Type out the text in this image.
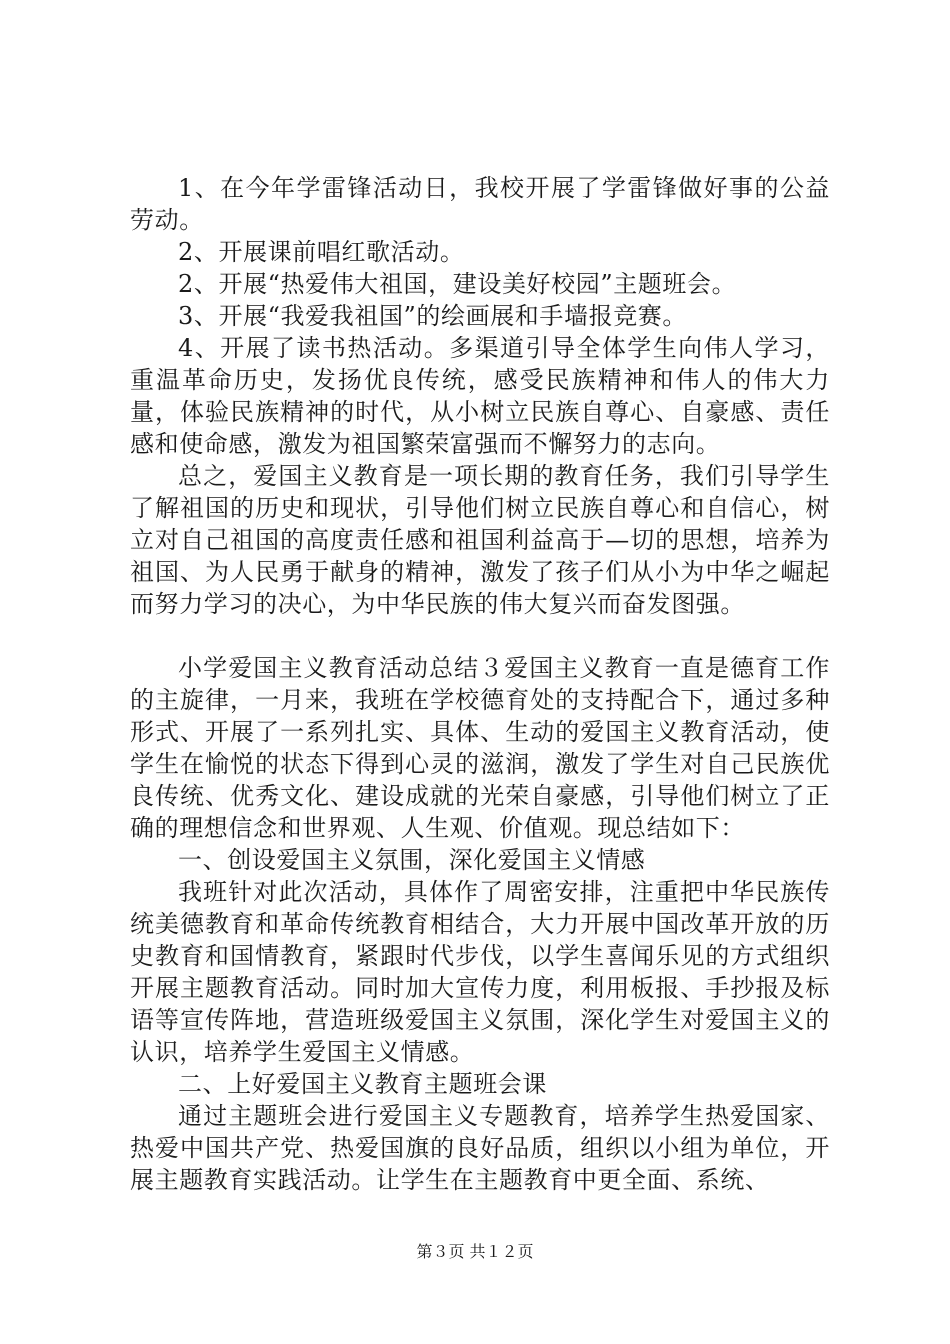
1、在今年学雷锋活动日，我校开展了学雷锋做好事的公益劳动。

2、开展课前唱红歌活动。

2、开展“热爱伟大祖国，建设美好校园”主题班会。

3、开展“我爱我祖国”的绘画展和手墙报竞赛。

4、开展了读书热活动。多渠道引导全体学生向伟人学习，重温革命历史，发扬优良传统，感受民族精神和伟人的伟大力量，体验民族精神的时代，从小树立民族自尊心、自豪感、责任感和使命感，激发为祖国繁荣富强而不懈努力的志向。

总之，爱国主义教育是一项长期的教育任务，我们引导学生了解祖国的历史和现状，引导他们树立民族自尊心和自信心，树立对自己祖国的高度责任感和祖国利益高于—切的思想，培养为祖国、为人民勇于献身的精神，激发了孩子们从小为中华之崛起而努力学习的决心，为中华民族的伟大复兴而奋发图强。

小学爱国主义教育活动总结３爱国主义教育一直是德育工作的主旋律，一月来，我班在学校德育处的支持配合下，通过多种形式、开展了一系列扎实、具体、生动的爱国主义教育活动，使学生在愉悦的状态下得到心灵的滋润，激发了学生对自己民族优良传统、优秀文化、建设成就的光荣自豪感，引导他们树立了正确的理想信念和世界观、人生观、价值观。现总结如下：

一、创设爱国主义氛围，深化爱国主义情感

我班针对此次活动，具体作了周密安排，注重把中华民族传统美德教育和革命传统教育相结合，大力开展中国改革开放的历史教育和国情教育，紧跟时代步伐，以学生喜闻乐见的方式组织开展主题教育活动。同时加大宣传力度，利用板报、手抄报及标语等宣传阵地，营造班级爱国主义氛围，深化学生对爱国主义的认识，培养学生爱国主义情感。

二、上好爱国主义教育主题班会课

通过主题班会进行爱国主义专题教育，培养学生热爱国家、热爱中国共产党、热爱国旗的良好品质，组织以小组为单位，开展主题教育实践活动。让学生在主题教育中更全面、系统、

第３页 共１２页
